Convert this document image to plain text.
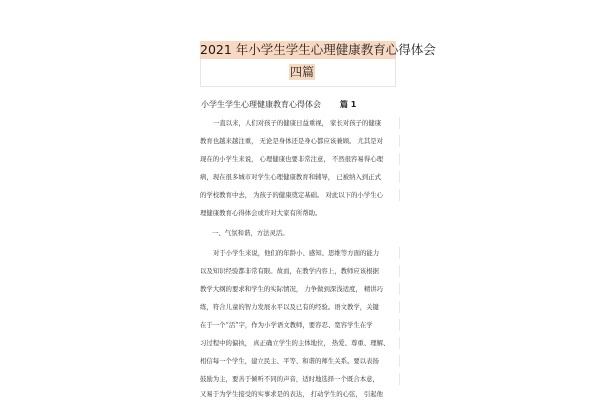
2021 年小学生学生心理健康教育心得体会
四篇
小学生学生心理健康教育心得体会 篇 1
一直以来，人们对孩子的健康日益重视， 家长对孩子的健康
教育也越来越注重， 无论是身体还是身心都应该兼顾。 尤其是对
现在的小学生来说， 心理健康也要非常注意， 不然很容易得心理
病，现在很多城市对学生心理健康教育和辅导， 已被纳入到正式
的学校教育中去， 为孩子的健康奠定基础。 对此以下的小学生心
理健康教育心得体会或许对大家有所帮助。
一、气氛和谐，方法灵活。
对于小学生来说，他们的年龄小、感知、思维等方面的能力
以及知识经验都非常有限。故而，在教学内容上，教师应该根据
教学大纲的要求和学生的实际情况， 力争做到深浅适度， 精讲巧
练，符合儿童的智力发展水平以及已有的经验。语文教学，关键
在于一个“活”字，作为小学语文教师，要容忍、宽容学生在学
习过程中的偏执， 真正确立学生的主体地位， 热爱、尊重、理解、
相信每一个学生，建立民主、平等、和谐的师生关系。要以表扬
鼓励为主，要善于倾听不同的声音，适时地选择一个既合本意，
又易于为学生接受的实事求是的表达， 打动学生的心弦， 引起他
